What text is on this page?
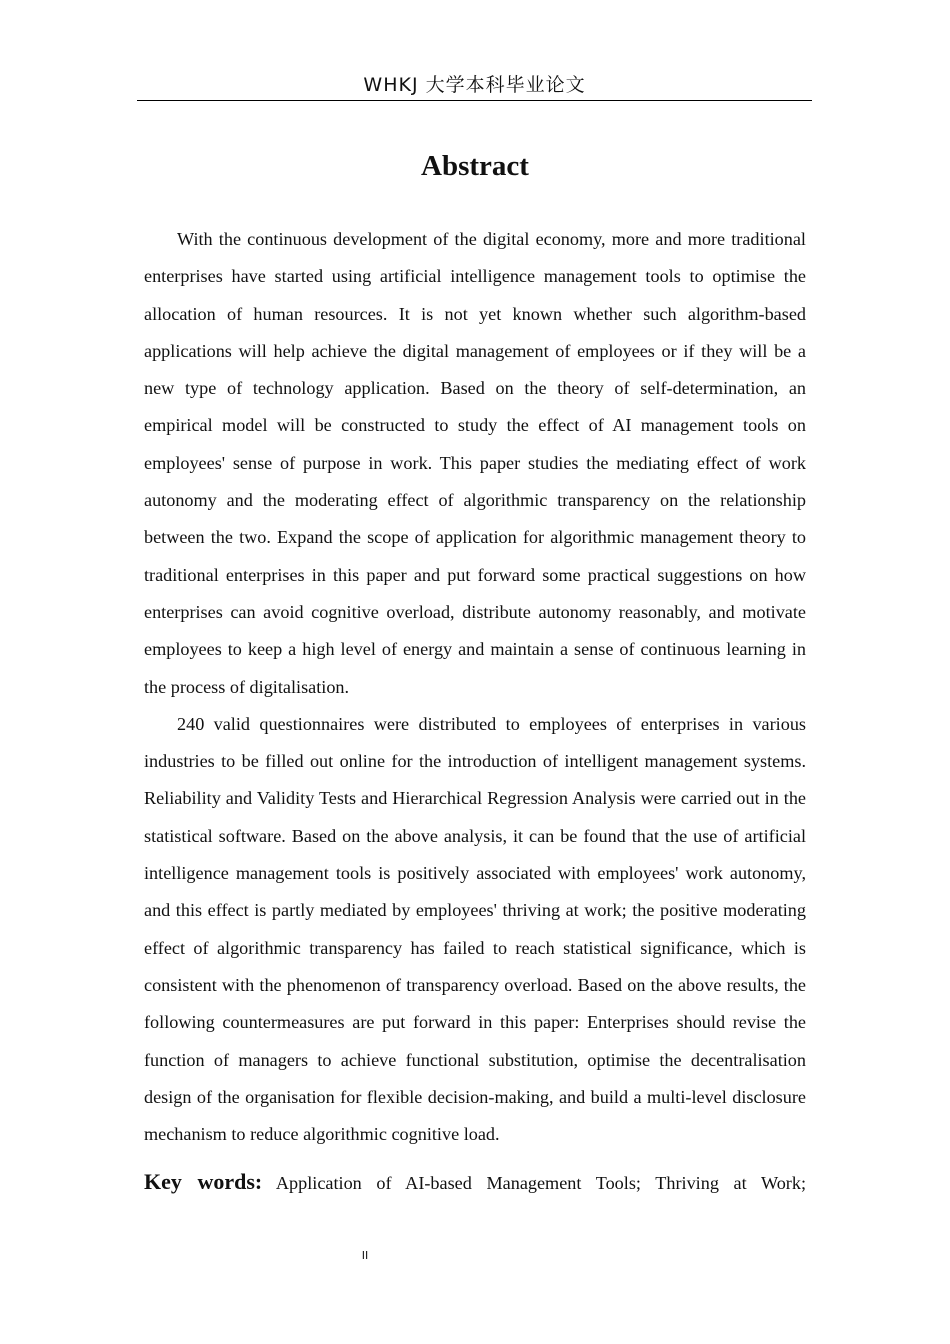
WHKJ 大学本科毕业论文
Abstract

With the continuous development of the digital economy, more and more traditional enterprises have started using artificial intelligence management tools to optimise the allocation of human resources. It is not yet known whether such algorithm-based applications will help achieve the digital management of employees or if they will be a new type of technology application. Based on the theory of self-determination, an empirical model will be constructed to study the effect of AI management tools on employees' sense of purpose in work. This paper studies the mediating effect of work autonomy and the moderating effect of algorithmic transparency on the relationship between the two. Expand the scope of application for algorithmic management theory to traditional enterprises in this paper and put forward some practical suggestions on how enterprises can avoid cognitive overload, distribute autonomy reasonably, and motivate employees to keep a high level of energy and maintain a sense of continuous learning in the process of digitalisation.

240 valid questionnaires were distributed to employees of enterprises in various industries to be filled out online for the introduction of intelligent management systems. Reliability and Validity Tests and Hierarchical Regression Analysis were carried out in the statistical software. Based on the above analysis, it can be found that the use of artificial intelligence management tools is positively associated with employees' work autonomy, and this effect is partly mediated by employees' thriving at work; the positive moderating effect of algorithmic transparency has failed to reach statistical significance, which is consistent with the phenomenon of transparency overload. Based on the above results, the following countermeasures are put forward in this paper: Enterprises should revise the function of managers to achieve functional substitution, optimise the decentralisation design of the organisation for flexible decision-making, and build a multi-level disclosure mechanism to reduce algorithmic cognitive load.

Key words: Application of AI-based Management Tools; Thriving at Work;

II
